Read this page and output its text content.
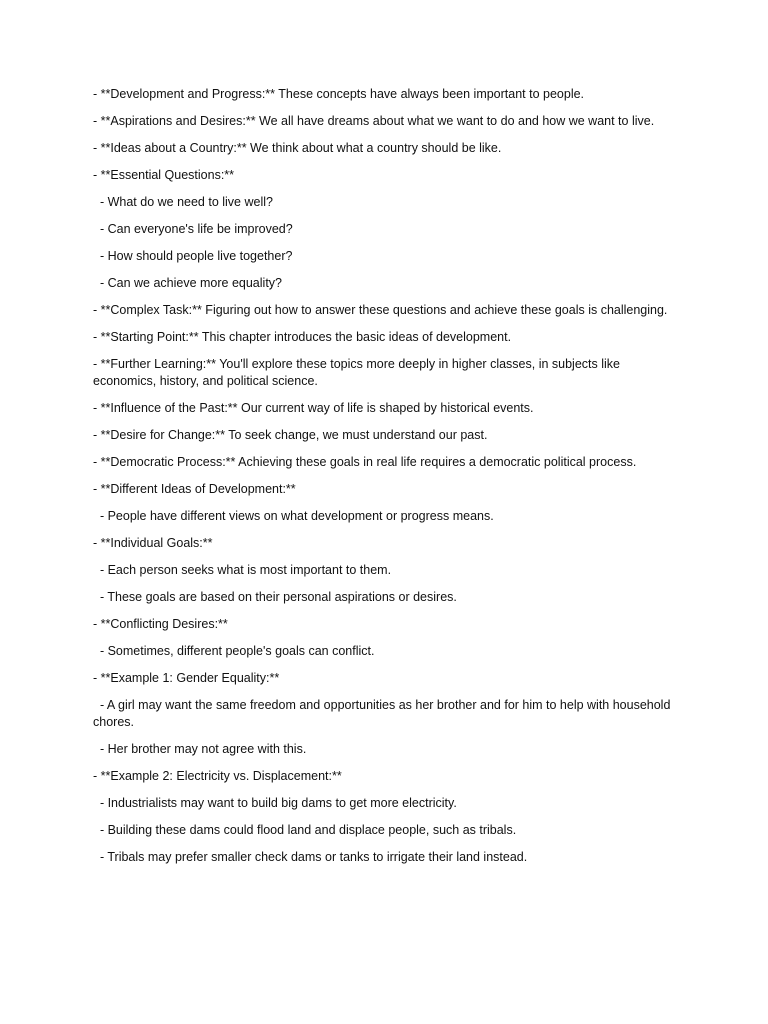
- **Development and Progress:** These concepts have always been important to people.

- **Aspirations and Desires:** We all have dreams about what we want to do and how we want to live.

- **Ideas about a Country:** We think about what a country should be like.

- **Essential Questions:**

- What do we need to live well?

- Can everyone's life be improved?

- How should people live together?

- Can we achieve more equality?

- **Complex Task:** Figuring out how to answer these questions and achieve these goals is challenging.

- **Starting Point:** This chapter introduces the basic ideas of development.

- **Further Learning:** You'll explore these topics more deeply in higher classes, in subjects like economics, history, and political science.

- **Influence of the Past:** Our current way of life is shaped by historical events.

- **Desire for Change:** To seek change, we must understand our past.

- **Democratic Process:** Achieving these goals in real life requires a democratic political process.

- **Different Ideas of Development:**

- People have different views on what development or progress means.

- **Individual Goals:**

- Each person seeks what is most important to them.

- These goals are based on their personal aspirations or desires.

- **Conflicting Desires:**

- Sometimes, different people's goals can conflict.

- **Example 1: Gender Equality:**

- A girl may want the same freedom and opportunities as her brother and for him to help with household chores.

- Her brother may not agree with this.

- **Example 2: Electricity vs. Displacement:**

- Industrialists may want to build big dams to get more electricity.

- Building these dams could flood land and displace people, such as tribals.

- Tribals may prefer smaller check dams or tanks to irrigate their land instead.
